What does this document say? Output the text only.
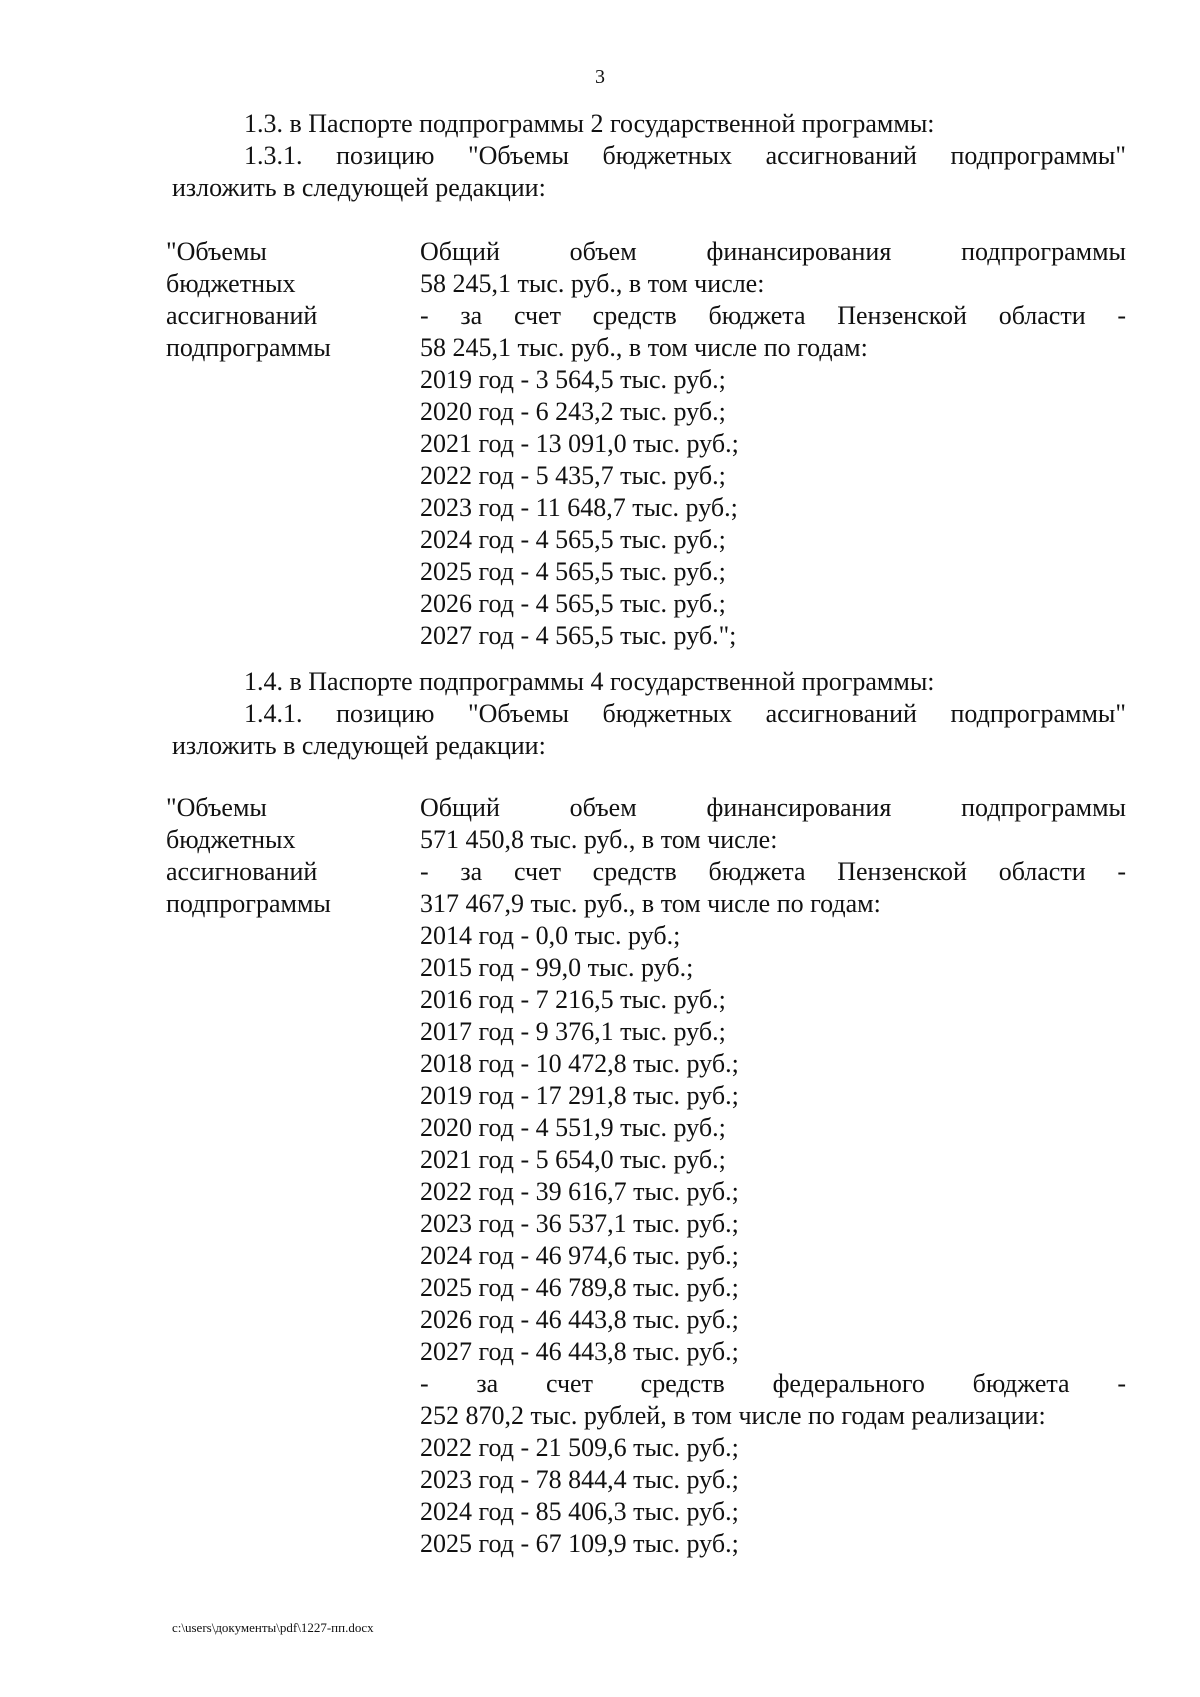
3
1.3. в Паспорте подпрограммы 2 государственной программы:
1.3.1. позицию "Объемы бюджетных ассигнований подпрограммы"
изложить в следующей редакции:
"Объемы
бюджетных
ассигнований
подпрограммы
Общий объем финансирования подпрограммы
58 245,1 тыс. руб., в том числе:
- за счет средств бюджета Пензенской области -
58 245,1 тыс. руб., в том числе по годам:
2019 год - 3 564,5 тыс. руб.;
2020 год - 6 243,2 тыс. руб.;
2021 год - 13 091,0 тыс. руб.;
2022 год - 5 435,7 тыс. руб.;
2023 год - 11 648,7 тыс. руб.;
2024 год - 4 565,5 тыс. руб.;
2025 год - 4 565,5 тыс. руб.;
2026 год - 4 565,5 тыс. руб.;
2027 год - 4 565,5 тыс. руб.";
1.4. в Паспорте подпрограммы 4 государственной программы:
1.4.1. позицию "Объемы бюджетных ассигнований подпрограммы"
изложить в следующей редакции:
"Объемы
бюджетных
ассигнований
подпрограммы
Общий объем финансирования подпрограммы
571 450,8 тыс. руб., в том числе:
- за счет средств бюджета Пензенской области -
317 467,9 тыс. руб., в том числе по годам:
2014 год - 0,0 тыс. руб.;
2015 год - 99,0 тыс. руб.;
2016 год - 7 216,5 тыс. руб.;
2017 год - 9 376,1 тыс. руб.;
2018 год - 10 472,8 тыс. руб.;
2019 год - 17 291,8 тыс. руб.;
2020 год - 4 551,9 тыс. руб.;
2021 год - 5 654,0 тыс. руб.;
2022 год - 39 616,7 тыс. руб.;
2023 год - 36 537,1 тыс. руб.;
2024 год - 46 974,6 тыс. руб.;
2025 год - 46 789,8 тыс. руб.;
2026 год - 46 443,8 тыс. руб.;
2027 год - 46 443,8 тыс. руб.;
- за счет средств федерального бюджета -
252 870,2 тыс. рублей, в том числе по годам реализации:
2022 год - 21 509,6 тыс. руб.;
2023 год - 78 844,4 тыс. руб.;
2024 год - 85 406,3 тыс. руб.;
2025 год - 67 109,9 тыс. руб.;
c:\users\документы\pdf\1227-пп.docx
